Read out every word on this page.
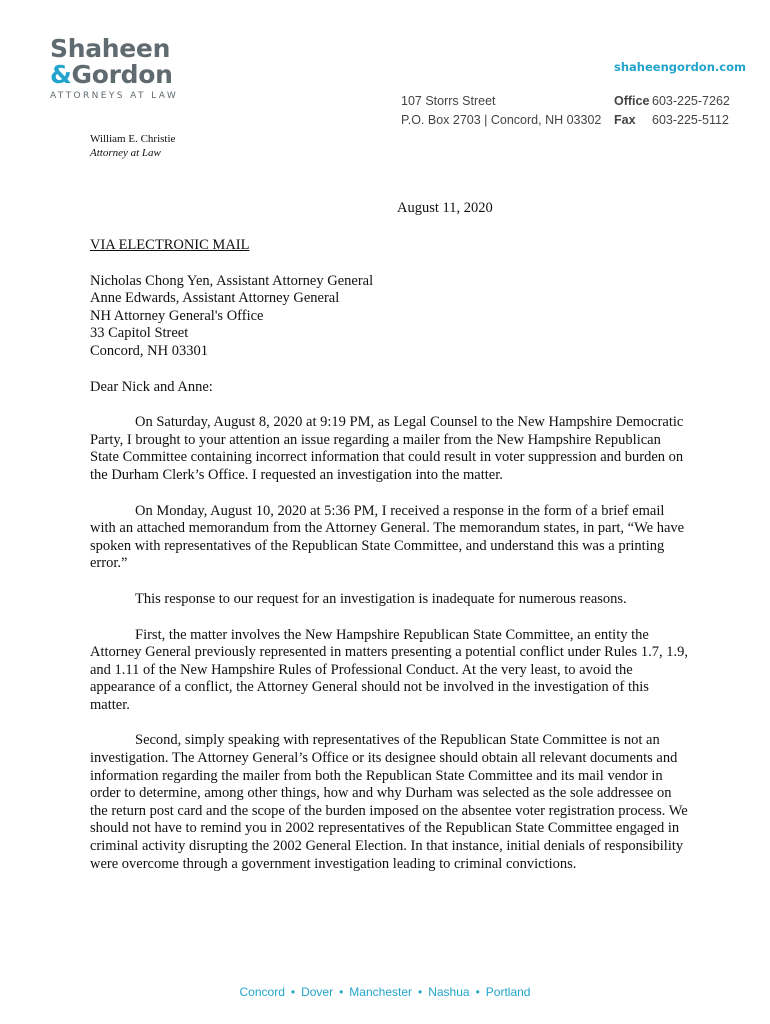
Shaheen
&Gordon
ATTORNEYS AT LAW
shaheengordon.com
107 Storrs Street
P.O. Box 2703 | Concord, NH 03302
Office 603-225-7262
Fax 603-225-5112
William E. Christie
Attorney at Law
August 11, 2020
VIA ELECTRONIC MAIL
Nicholas Chong Yen, Assistant Attorney General
Anne Edwards, Assistant Attorney General
NH Attorney General's Office
33 Capitol Street
Concord, NH 03301
Dear Nick and Anne:
On Saturday, August 8, 2020 at 9:19 PM, as Legal Counsel to the New Hampshire Democratic Party, I brought to your attention an issue regarding a mailer from the New Hampshire Republican State Committee containing incorrect information that could result in voter suppression and burden on the Durham Clerk’s Office. I requested an investigation into the matter.
On Monday, August 10, 2020 at 5:36 PM, I received a response in the form of a brief email with an attached memorandum from the Attorney General. The memorandum states, in part, “We have spoken with representatives of the Republican State Committee, and understand this was a printing error.”
This response to our request for an investigation is inadequate for numerous reasons.
First, the matter involves the New Hampshire Republican State Committee, an entity the Attorney General previously represented in matters presenting a potential conflict under Rules 1.7, 1.9, and 1.11 of the New Hampshire Rules of Professional Conduct. At the very least, to avoid the appearance of a conflict, the Attorney General should not be involved in the investigation of this matter.
Second, simply speaking with representatives of the Republican State Committee is not an investigation. The Attorney General’s Office or its designee should obtain all relevant documents and information regarding the mailer from both the Republican State Committee and its mail vendor in order to determine, among other things, how and why Durham was selected as the sole addressee on the return post card and the scope of the burden imposed on the absentee voter registration process. We should not have to remind you in 2002 representatives of the Republican State Committee engaged in criminal activity disrupting the 2002 General Election. In that instance, initial denials of responsibility were overcome through a government investigation leading to criminal convictions.
Concord • Dover • Manchester • Nashua • Portland
